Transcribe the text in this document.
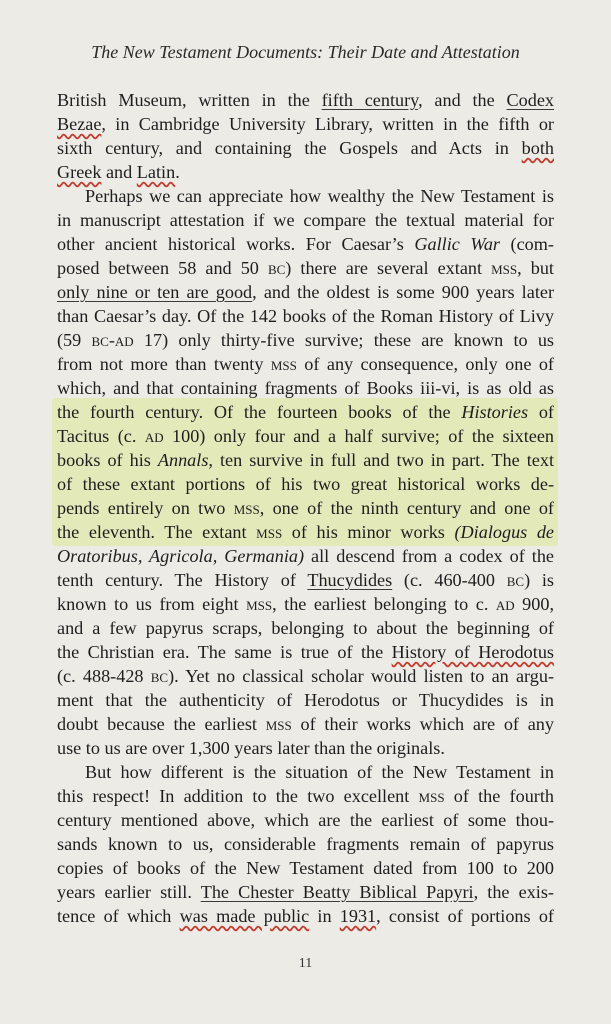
The New Testament Documents: Their Date and Attestation
British Museum, written in the fifth century, and the Codex
Bezae, in Cambridge University Library, written in the fifth or
sixth century, and containing the Gospels and Acts in both
Greek and Latin.
Perhaps we can appreciate how wealthy the New Testament is
in manuscript attestation if we compare the textual material for
other ancient historical works. For Caesar’s Gallic War (com-
posed between 58 and 50 bc) there are several extant mss, but
only nine or ten are good, and the oldest is some 900 years later
than Caesar’s day. Of the 142 books of the Roman History of Livy
(59 bc-ad 17) only thirty-five survive; these are known to us
from not more than twenty mss of any consequence, only one of
which, and that containing fragments of Books iii-vi, is as old as
the fourth century. Of the fourteen books of the Histories of
Tacitus (c. ad 100) only four and a half survive; of the sixteen
books of his Annals, ten survive in full and two in part. The text
of these extant portions of his two great historical works de-
pends entirely on two mss, one of the ninth century and one of
the eleventh. The extant mss of his minor works (Dialogus de
Oratoribus, Agricola, Germania) all descend from a codex of the
tenth century. The History of Thucydides (c. 460-400 bc) is
known to us from eight mss, the earliest belonging to c. ad 900,
and a few papyrus scraps, belonging to about the beginning of
the Christian era. The same is true of the History of Herodotus
(c. 488-428 bc). Yet no classical scholar would listen to an argu-
ment that the authenticity of Herodotus or Thucydides is in
doubt because the earliest mss of their works which are of any
use to us are over 1,300 years later than the originals.
But how different is the situation of the New Testament in
this respect! In addition to the two excellent mss of the fourth
century mentioned above, which are the earliest of some thou-
sands known to us, considerable fragments remain of papyrus
copies of books of the New Testament dated from 100 to 200
years earlier still. The Chester Beatty Biblical Papyri, the exis-
tence of which was made public in 1931, consist of portions of
11
